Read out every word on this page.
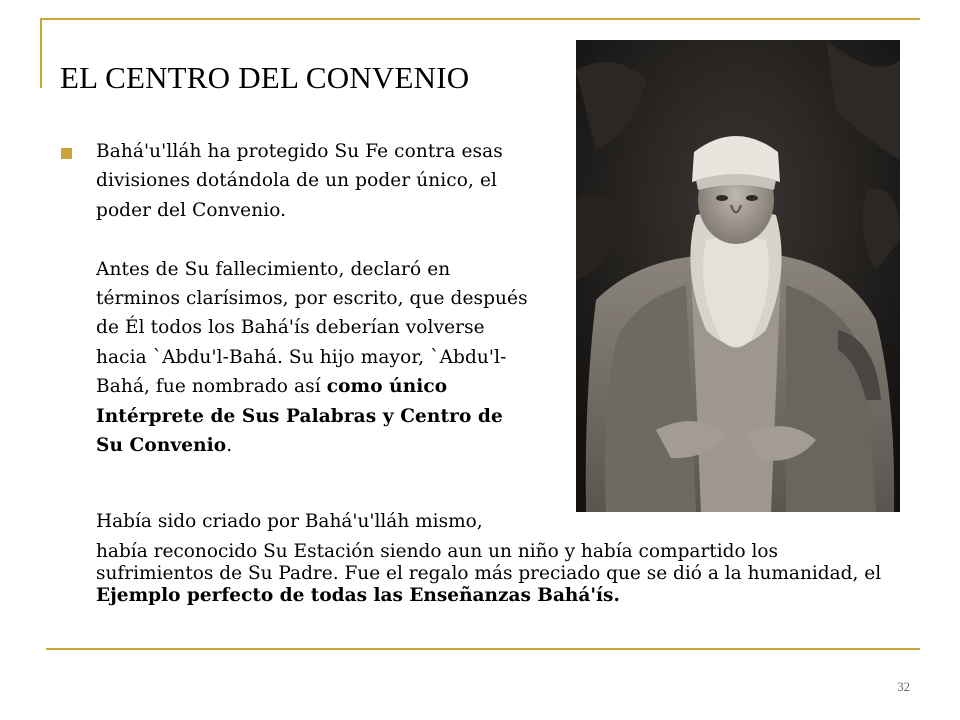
EL CENTRO DEL CONVENIO

Bahá'u'lláh ha protegido Su Fe contra esas divisiones dotándola de un poder único, el poder del Convenio.

Antes de Su fallecimiento, declaró en términos clarísimos, por escrito, que después de Él todos los Bahá'ís deberían volverse hacia `Abdu'l-Bahá. Su hijo mayor, `Abdu'l-Bahá, fue nombrado así como único Intérprete de Sus Palabras y Centro de Su Convenio.

Había sido criado por Bahá'u'lláh mismo,
había reconocido Su Estación siendo aun un niño y había compartido los sufrimientos de Su Padre. Fue el regalo más preciado que se dió a la humanidad, el Ejemplo perfecto de todas las Enseñanzas Bahá'ís.
32
